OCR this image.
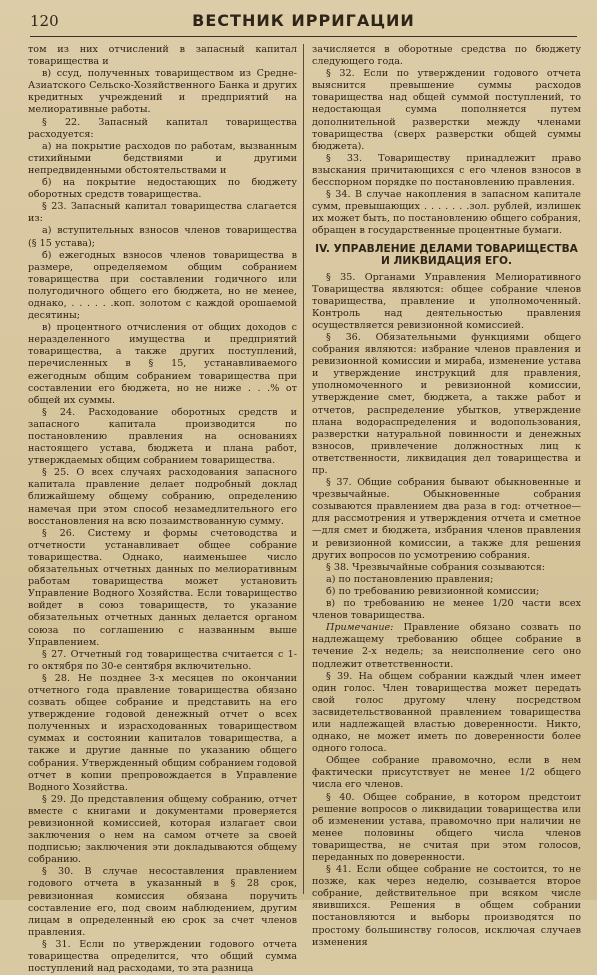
120	ВЕСТНИК ИРРИГАЦИИ

том из них отчислений в запасный капитал товарищества и

в) ссуд, полученных товариществом из Средне-Азиатского Сельско-Хозяйственного Банка и других кредитных учреждений и предприятий на мелиоративные работы.

§ 22. Запасный капитал товарищества расходуется:

а) на покрытие расходов по работам, вызванным стихийными бедствиями и другими непредвиденными обстоятельствами и

б) на покрытие недостающих по бюджету оборотных средств товарищества.

§ 23. Запасный капитал товарищества слагается из:

а) вступительных взносов членов товарищества (§ 15 устава);

б) ежегодных взносов членов товарищества в размере, определяемом общим собранием товарищества при составлении годичного или полугодичного общего его бюджета, но не менее, однако, . . . . . .коп. золотом с каждой орошаемой десятины;

в) процентного отчисления от общих доходов с неразделенного имущества и предприятий товарищества, а также других поступлений, перечисленных в § 15, устанавливаемого ежегодным общим собранием товарищества при составлении его бюджета, но не ниже . . .% от общей их суммы.

§ 24. Расходование оборотных средств и запасного капитала производится по постановлению правления на основаниях настоящего устава, бюджета и плана работ, утверждаемых общим собранием товарищества.

§ 25. О всех случаях расходования запасного капитала правление делает подробный доклад ближайшему общему собранию, определению намечая при этом способ незамедлительного его восстановления на всю позаимствованную сумму.

§ 26. Систему и формы счетоводства и отчетности устанавливает общее собрание товарищества. Однако, наименьшее число обязательных отчетных данных по мелиоративным работам товарищества может установить Управление Водного Хозяйства. Если товарищество войдет в союз товариществ, то указание обязательных отчетных данных делается органом союза по соглашению с названным выше Управлением.

§ 27. Отчетный год товарищества считается с 1-го октября по 30-е сентября включительно.

§ 28. Не позднее 3-х месяцев по окончании отчетного года правление товарищества обязано созвать общее собрание и представить на его утверждение годовой денежный отчет о всех полученных и израсходованных товариществом суммах и состоянии капиталов товарищества, а также и другие данные по указанию общего собрания. Утвержденный общим собранием годовой отчет в копии препровождается в Управление Водного Хозяйства.

§ 29. До представления общему собранию, отчет вместе с книгами и документами проверяется ревизионной комиссией, которая излагает свои заключения о нем на самом отчете за своей подписью; заключения эти докладываются общему собранию.

§ 30. В случае несоставления правлением годового отчета в указанный в § 28 срок, ревизионная комиссия обязана поручить составление его, под своим наблюдением, другим лицам в определенный ею срок за счет членов правления.

§ 31. Если по утверждении годового отчета товарищества определится, что общий сумма поступлений над расходами, то эта разница

зачисляется в оборотные средства по бюджету следующего года.

§ 32. Если по утверждении годового отчета выяснится превышение суммы расходов товарищества над общей суммой поступлений, то недостающая сумма пополняется путем дополнительной разверстки между членами товарищества (сверх разверстки общей суммы бюджета).

§ 33. Товариществу принадлежит право взыскания причитающихся с его членов взносов в бесспорном порядке по постановлению правления.

§ 34. В случае накопления в запасном капитале сумм, превышающих . . . . . . .зол. рублей, излишек их может быть, по постановлению общего собрания, обращен в государственные процентные бумаги.

IV. УПРАВЛЕНИЕ ДЕЛАМИ ТОВАРИЩЕСТВА И ЛИКВИДАЦИЯ ЕГО.

§ 35. Органами Управления Мелиоративного Товарищества являются: общее собрание членов товарищества, правление и уполномоченный. Контроль над деятельностью правления осуществляется ревизионной комиссией.

§ 36. Обязательными функциями общего собрания являются: избрание членов правления и ревизионной комиссии и мираба, изменение устава и утверждение инструкций для правления, уполномоченного и ревизионной комиссии, утверждение смет, бюджета, а также работ и отчетов, распределение убытков, утверждение плана водораспределения и водопользования, разверстки натуральной повинности и денежных взносов, привлечение должностных лиц к ответственности, ликвидация дел товарищества и пр.

§ 37. Общие собрания бывают обыкновенные и чрезвычайные. Обыкновенные собрания созываются правлением два раза в год: отчетное— для рассмотрения и утверждения отчета и сметное—для смет и бюджета, избрания членов правления и ревизионной комиссии, а также для решения других вопросов по усмотрению собрания.

§ 38. Чрезвычайные собрания созываются:

а) по постановлению правления;

б) по требованию ревизионной комиссии;

в) по требованию не менее 1/20 части всех членов товарищества.

Примечание: Правление обязано созвать по надлежащему требованию общее собрание в течение 2-х недель; за неисполнение сего оно подлежит ответственности.

§ 39. На общем собрании каждый член имеет один голос. Член товарищества может передать свой голос другому члену посредством засвидетельствованной правлением товарищества или надлежащей властью доверенности. Никто, однако, не может иметь по доверенности более одного голоса.

Общее собрание правомочно, если в нем фактически присутствует не менее 1/2 общего числа его членов.

§ 40. Общее собрание, в котором предстоит решение вопросов о ликвидации товарищества или об изменении устава, правомочно при наличии не менее половины общего числа членов товарищества, не считая при этом голосов, переданных по доверенности.

§ 41. Если общее собрание не состоится, то не позже, как через неделю, созывается второе собрание, действительное при всяком числе явившихся. Решения в общем собрании постановляются и выборы производятся по простому большинству голосов, исключая случаев изменения
